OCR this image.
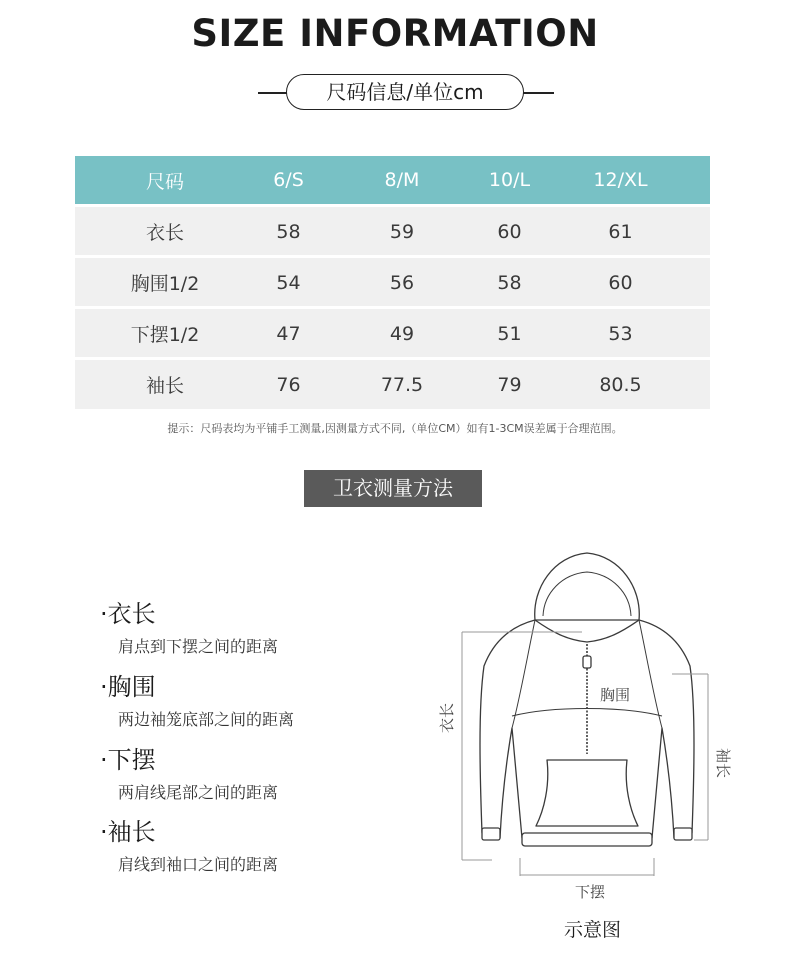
SIZE INFORMATION
尺码信息/单位cm
尺码	6/S	8/M	10/L	12/XL
衣长	58	59	60	61
胸围1/2	54	56	58	60
下摆1/2	47	49	51	53
袖长	76	77.5	79	80.5
提示：尺码表均为平铺手工测量,因测量方式不同,（单位CM）如有1-3CM误差属于合理范围。
卫衣测量方法
·衣长
肩点到下摆之间的距离
·胸围
两边袖笼底部之间的距离
·下摆
两肩线尾部之间的距离
·袖长
肩线到袖口之间的距离
衣长
胸围
袖长
下摆
示意图
